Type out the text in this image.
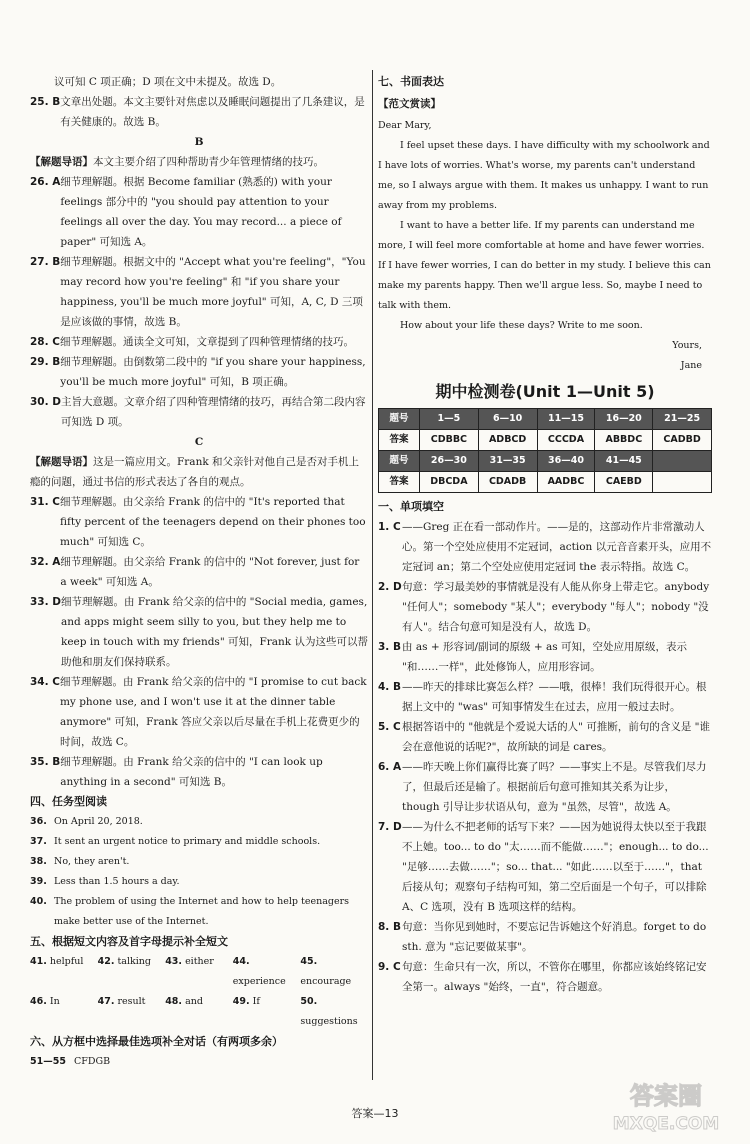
议可知 C 项正确；D 项在文中未提及。故选 D。
25. B 文章出处题。本文主要针对焦虑以及睡眠问题提出了几条建议，是有关健康的。故选 B。
B
【解题导语】本文主要介绍了四种帮助青少年管理情绪的技巧。
26. A 细节理解题。根据 Become familiar (熟悉的) with your feelings 部分中的 "you should pay attention to your feelings all over the day. You may record... a piece of paper" 可知选 A。
27. B 细节理解题。根据文中的 "Accept what you're feeling"，"You may record how you're feeling" 和 "if you share your happiness, you'll be much more joyful" 可知，A, C, D 三项是应该做的事情，故选 B。
28. C 细节理解题。通读全文可知，文章提到了四种管理情绪的技巧。
29. B 细节理解题。由倒数第二段中的 "if you share your happiness, you'll be much more joyful" 可知，B 项正确。
30. D 主旨大意题。文章介绍了四种管理情绪的技巧，再结合第二段内容可知选 D 项。
C
【解题导语】这是一篇应用文。Frank 和父亲针对他自己是否对手机上瘾的问题，通过书信的形式表达了各自的观点。
31. C 细节理解题。由父亲给 Frank 的信中的 "It's reported that fifty percent of the teenagers depend on their phones too much" 可知选 C。
32. A 细节理解题。由父亲给 Frank 的信中的 "Not forever, just for a week" 可知选 A。
33. D 细节理解题。由 Frank 给父亲的信中的 "Social media, games, and apps might seem silly to you, but they help me to keep in touch with my friends" 可知，Frank 认为这些可以帮助他和朋友们保持联系。
34. C 细节理解题。由 Frank 给父亲的信中的 "I promise to cut back my phone use, and I won't use it at the dinner table anymore" 可知，Frank 答应父亲以后尽量在手机上花费更少的时间，故选 C。
35. B 细节理解题。由 Frank 给父亲的信中的 "I can look up anything in a second" 可知选 B。
四、任务型阅读
36. On April 20, 2018.
37. It sent an urgent notice to primary and middle schools.
38. No, they aren't.
39. Less than 1.5 hours a day.
40. The problem of using the Internet and how to help teenagers make better use of the Internet.
五、根据短文内容及首字母提示补全短文
41. helpful	42. talking	43. either	44. experience
45. encourage
46. In	47. result	48. and	49. If	50. suggestions
六、从方框中选择最佳选项补全对话（有两项多余）
51—55 CFDGB
七、书面表达
【范文赏读】
Dear Mary,

I feel upset these days. I have difficulty with my schoolwork and I have lots of worries. What's worse, my parents can't understand me, so I always argue with them. It makes us unhappy. I want to run away from my problems.

I want to have a better life. If my parents can understand me more, I will feel more comfortable at home and have fewer worries. If I have fewer worries, I can do better in my study. I believe this can make my parents happy. Then we'll argue less. So, maybe I need to talk with them.

How about your life these days? Write to me soon.

Yours,
Jane
期中检测卷(Unit 1—Unit 5)
题号	1—5	6—10	11—15	16—20	21—25
答案	CDBBC	ADBCD	CCCDA	ABBDC	CADBD
题号	26—30	31—35	36—40	41—45	
答案	DBCDA	CDADB	AADBC	CAEBD	
一、单项填空
1. C ——Greg 正在看一部动作片。——是的，这部动作片非常激动人心。第一个空处应使用不定冠词，action 以元音音素开头，应用不定冠词 an；第二个空处应使用定冠词 the 表示特指。故选 C。
2. D 句意：学习最美妙的事情就是没有人能从你身上带走它。anybody "任何人"；somebody "某人"；everybody "每人"；nobody "没有人"。结合句意可知是没有人，故选 D。
3. B 由 as + 形容词/副词的原级 + as 可知，空处应用原级，表示 "和……一样"，此处修饰人，应用形容词。
4. B ——昨天的排球比赛怎么样？——哦，很棒！我们玩得很开心。根据上文中的 "was" 可知事情发生在过去，应用一般过去时。
5. C 根据答语中的 "他就是个爱说大话的人" 可推断，前句的含义是 "谁会在意他说的话呢?"，故所缺的词是 cares。
6. A ——昨天晚上你们赢得比赛了吗？——事实上不是。尽管我们尽力了，但最后还是输了。根据前后句意可推知其关系为让步，though 引导让步状语从句，意为 "虽然，尽管"，故选 A。
7. D ——为什么不把老师的话写下来？——因为她说得太快以至于我跟不上她。too... to do "太……而不能做……"；enough... to do... "足够……去做……"；so... that... "如此……以至于……"，that 后接从句；观察句子结构可知，第二空后面是一个句子，可以排除 A、C 选项，没有 B 选项这样的结构。
8. B 句意：当你见到她时，不要忘记告诉她这个好消息。forget to do sth. 意为 "忘记要做某事"。
9. C 句意：生命只有一次，所以，不管你在哪里，你都应该始终铭记安全第一。always "始终，一直"，符合题意。
答案—13
答案圈
MXQE.COM
